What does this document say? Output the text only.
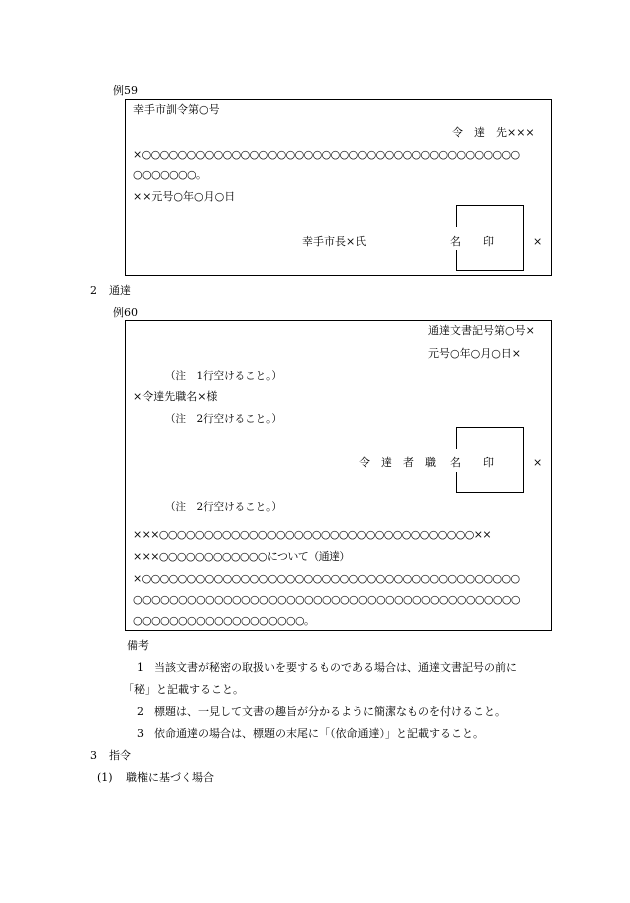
例59
幸手市訓令第○号
令　達　先×××
×○○○○○○○○○○○○○○○○○○○○○○○○○○○○○○○○○○○○○○○○○○
○○○○○○○。
××元号○年○月○日
幸手市長×氏	名 印	×
2 通達
例60
通達文書記号第○号×
元号○年○月○日×
（注　1行空けること。）
×令達先職名×様
（注　2行空けること。）
令　達　者　職 名 印	×
（注　2行空けること。）
×××○○○○○○○○○○○○○○○○○○○○○○○○○○○○○○○○○○○××
×××○○○○○○○○○○○○について（通達）
×○○○○○○○○○○○○○○○○○○○○○○○○○○○○○○○○○○○○○○○○○○
○○○○○○○○○○○○○○○○○○○○○○○○○○○○○○○○○○○○○○○○○○○
○○○○○○○○○○○○○○○○○○○。
備考
1 当該文書が秘密の取扱いを要するものである場合は、通達文書記号の前に
「秘」と記載すること。
2 標題は、一見して文書の趣旨が分かるように簡潔なものを付けること。
3 依命通達の場合は、標題の末尾に「（依命通達）」と記載すること。
3 指令
(1) 職権に基づく場合
